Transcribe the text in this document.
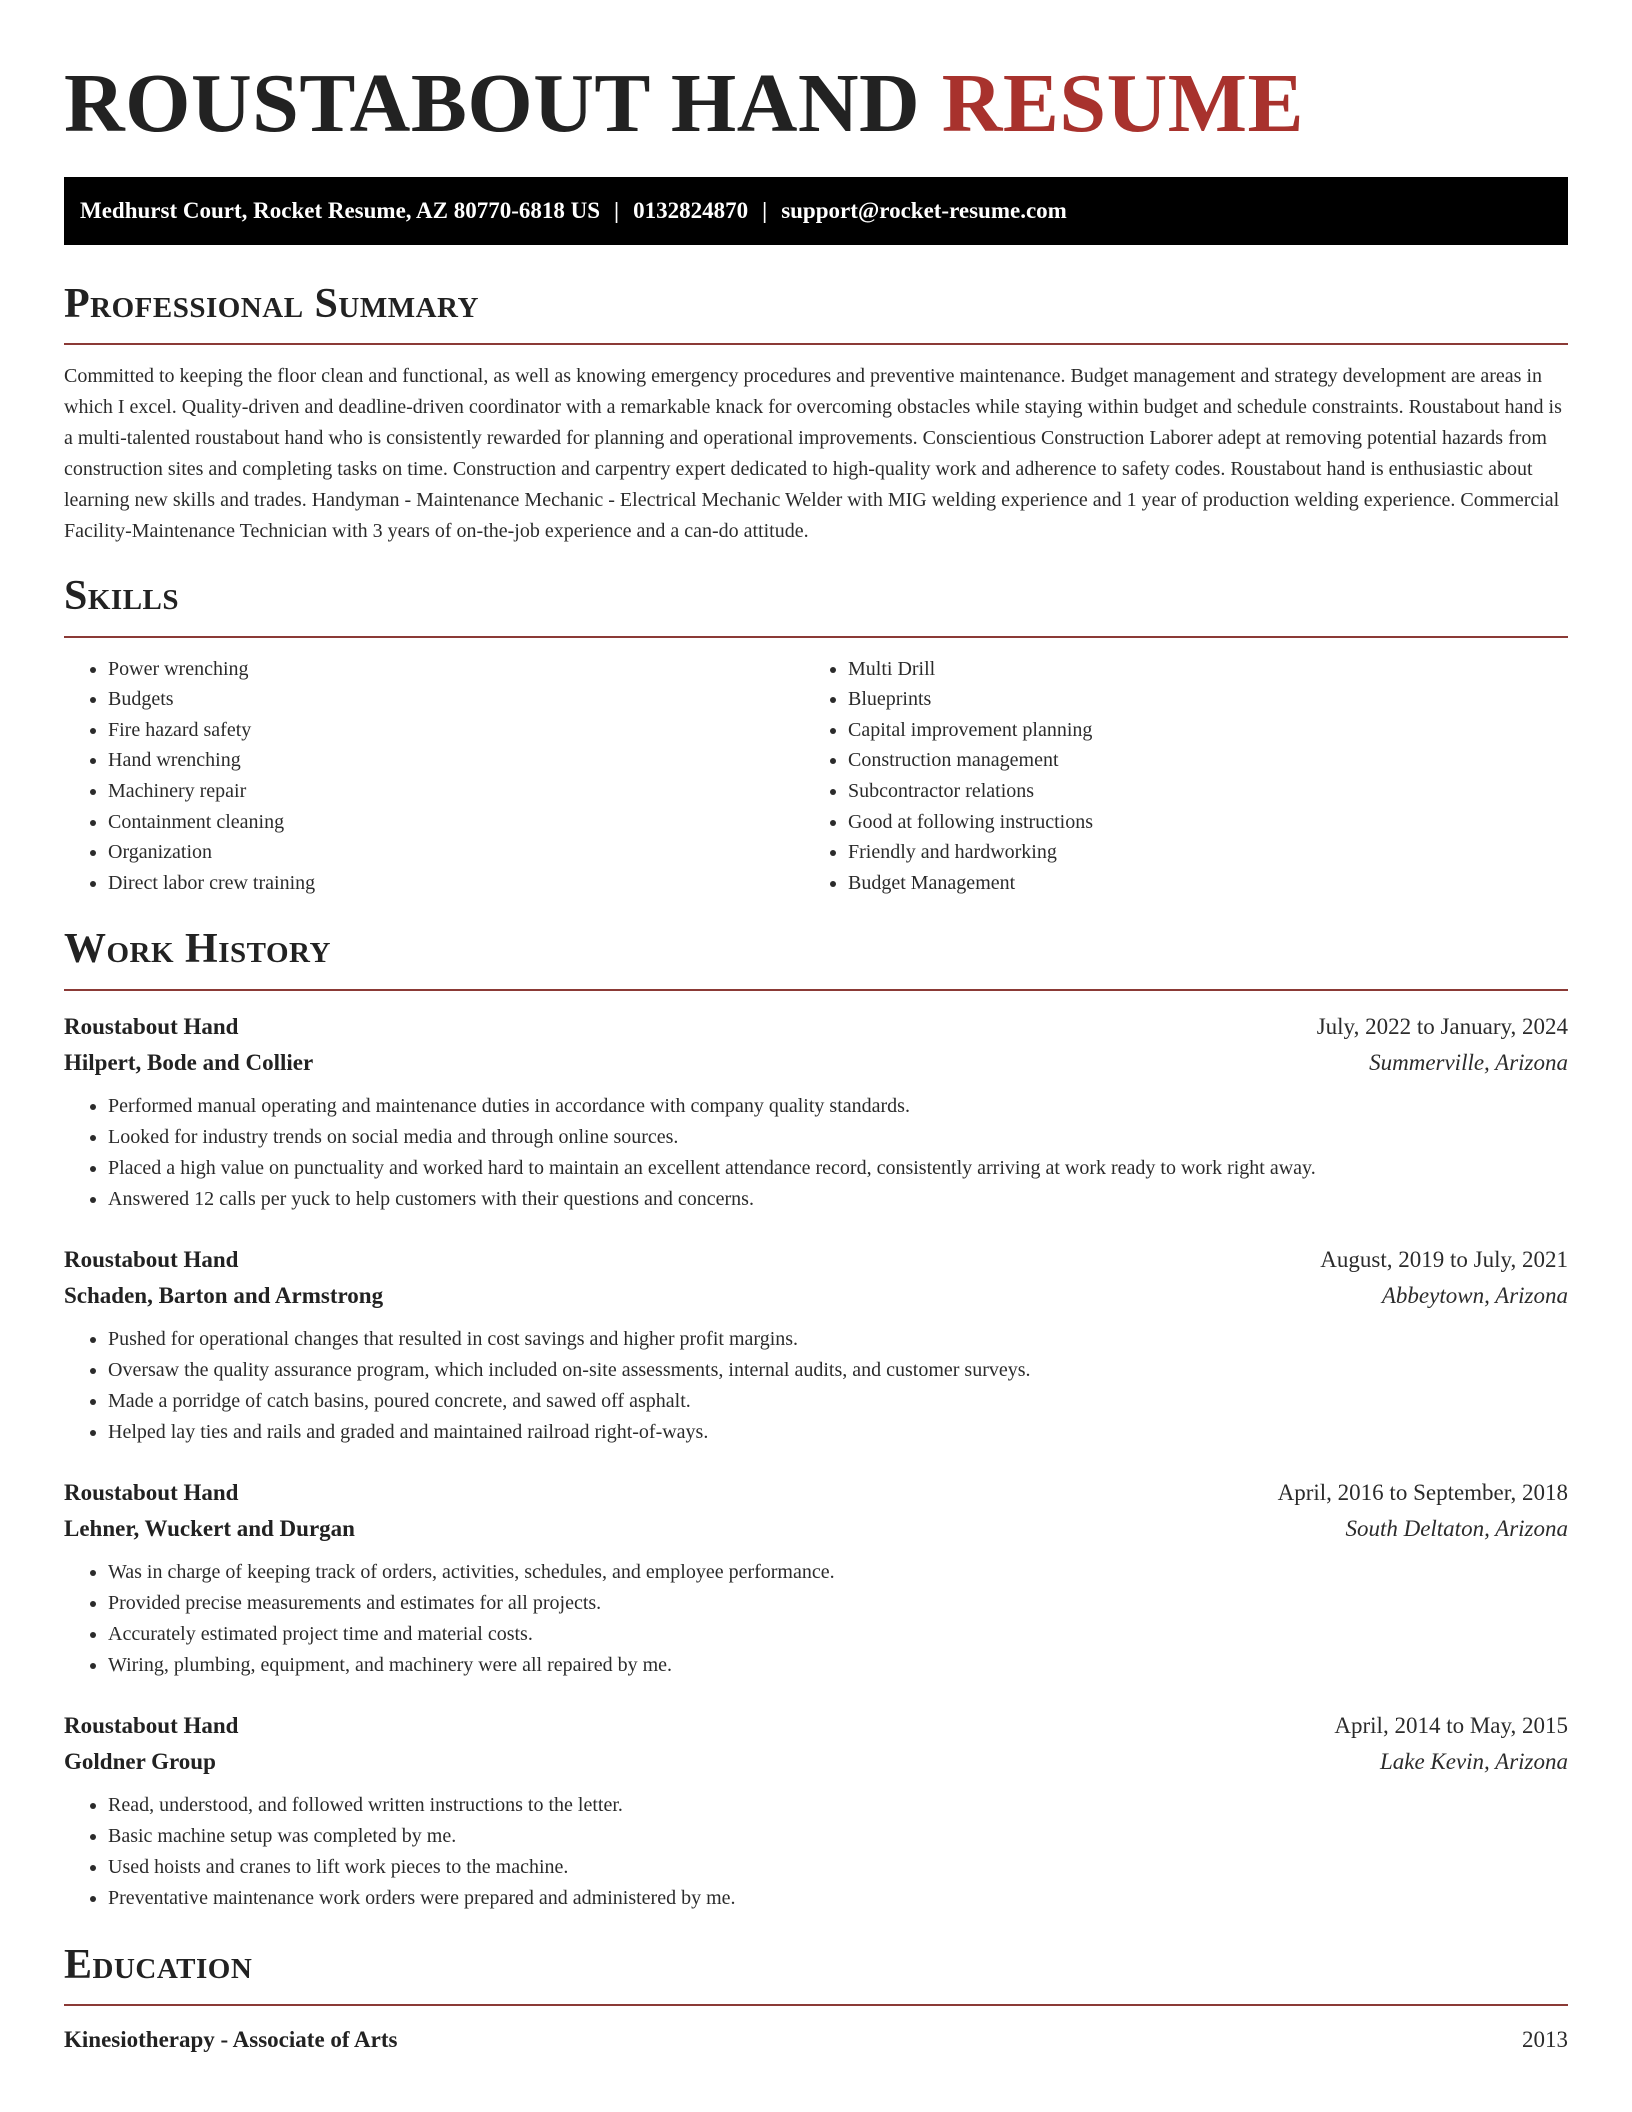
ROUSTABOUT HAND RESUME
Medhurst Court, Rocket Resume, AZ 80770-6818 US | 0132824870 | support@rocket-resume.com
Professional Summary

Committed to keeping the floor clean and functional, as well as knowing emergency procedures and preventive maintenance. Budget management and strategy development are areas in which I excel. Quality-driven and deadline-driven coordinator with a remarkable knack for overcoming obstacles while staying within budget and schedule constraints. Roustabout hand is a multi-talented roustabout hand who is consistently rewarded for planning and operational improvements. Conscientious Construction Laborer adept at removing potential hazards from construction sites and completing tasks on time. Construction and carpentry expert dedicated to high-quality work and adherence to safety codes. Roustabout hand is enthusiastic about learning new skills and trades. Handyman - Maintenance Mechanic - Electrical Mechanic Welder with MIG welding experience and 1 year of production welding experience. Commercial Facility-Maintenance Technician with 3 years of on-the-job experience and a can-do attitude.

Skills
• Power wrenching
• Budgets
• Fire hazard safety
• Hand wrenching
• Machinery repair
• Containment cleaning
• Organization
• Direct labor crew training
• Multi Drill
• Blueprints
• Capital improvement planning
• Construction management
• Subcontractor relations
• Good at following instructions
• Friendly and hardworking
• Budget Management
Work History
Roustabout Hand	July, 2022 to January, 2024
Hilpert, Bode and Collier	Summerville, Arizona
• Performed manual operating and maintenance duties in accordance with company quality standards.
• Looked for industry trends on social media and through online sources.
• Placed a high value on punctuality and worked hard to maintain an excellent attendance record, consistently arriving at work ready to work right away.
• Answered 12 calls per yuck to help customers with their questions and concerns.
Roustabout Hand	August, 2019 to July, 2021
Schaden, Barton and Armstrong	Abbeytown, Arizona
• Pushed for operational changes that resulted in cost savings and higher profit margins.
• Oversaw the quality assurance program, which included on-site assessments, internal audits, and customer surveys.
• Made a porridge of catch basins, poured concrete, and sawed off asphalt.
• Helped lay ties and rails and graded and maintained railroad right-of-ways.
Roustabout Hand	April, 2016 to September, 2018
Lehner, Wuckert and Durgan	South Deltaton, Arizona
• Was in charge of keeping track of orders, activities, schedules, and employee performance.
• Provided precise measurements and estimates for all projects.
• Accurately estimated project time and material costs.
• Wiring, plumbing, equipment, and machinery were all repaired by me.
Roustabout Hand	April, 2014 to May, 2015
Goldner Group	Lake Kevin, Arizona
• Read, understood, and followed written instructions to the letter.
• Basic machine setup was completed by me.
• Used hoists and cranes to lift work pieces to the machine.
• Preventative maintenance work orders were prepared and administered by me.
Education
Kinesiotherapy - Associate of Arts	2013
